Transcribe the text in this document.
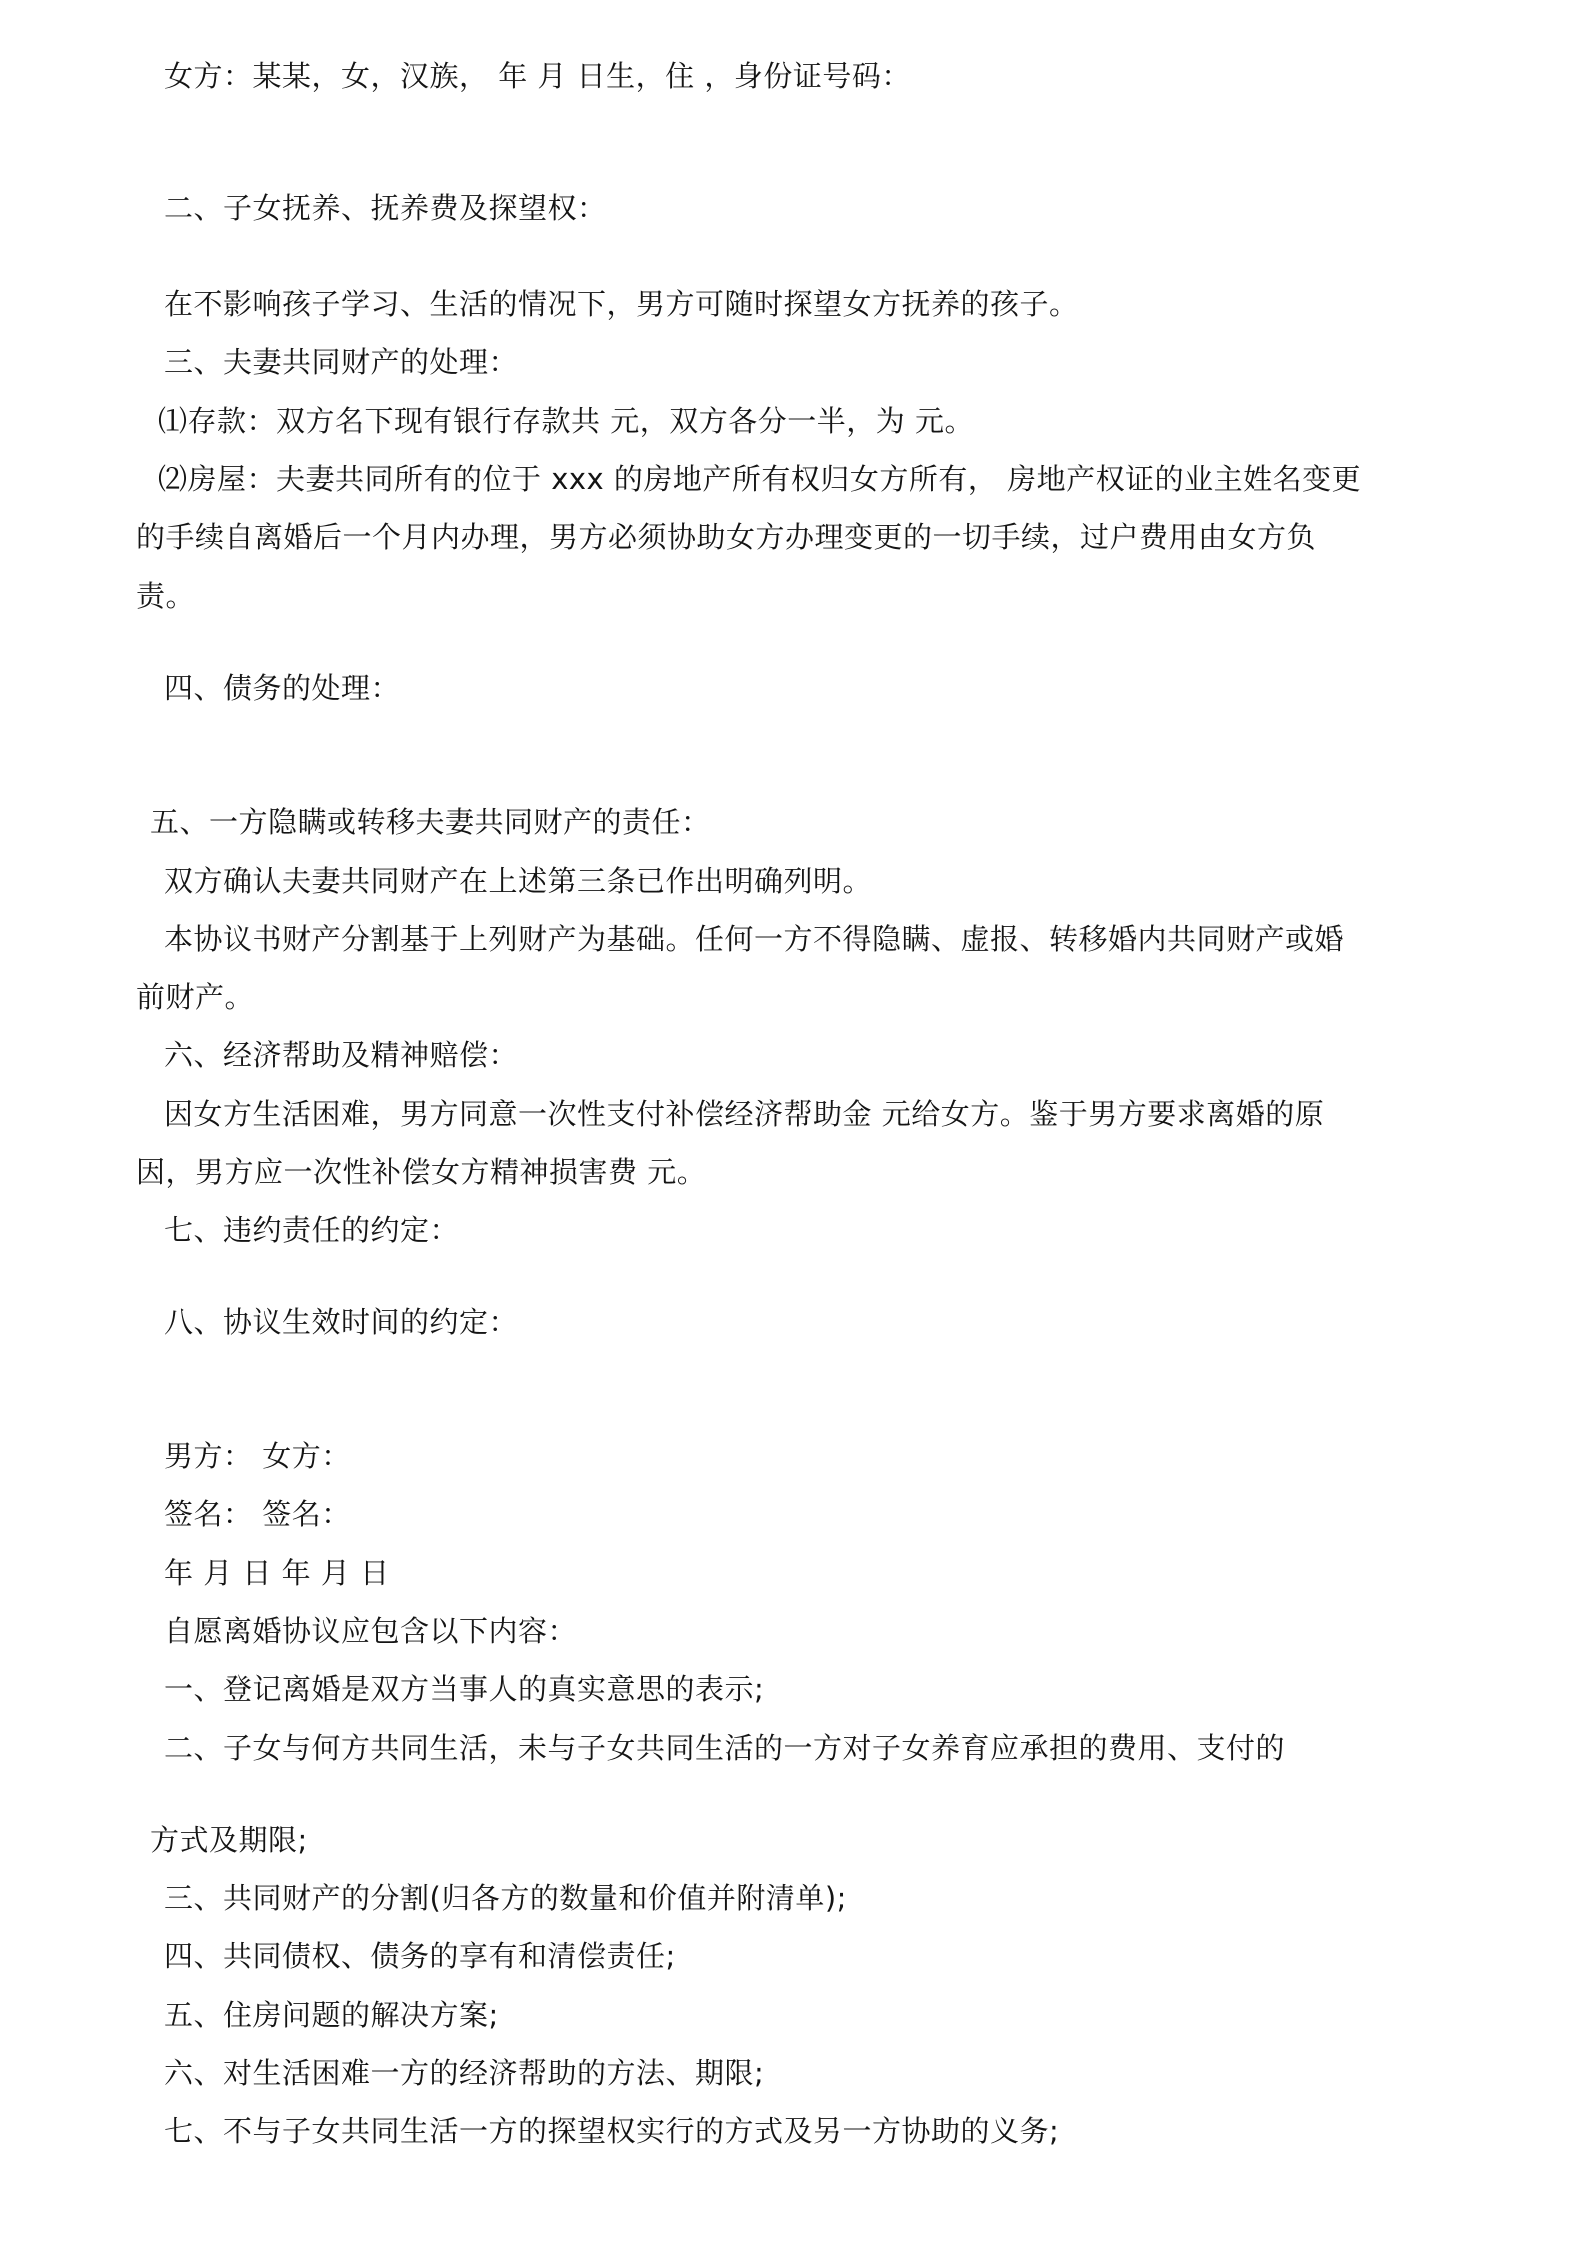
女方：某某，女，汉族， 年 月 日生，住 ，身份证号码：
二、子女抚养、抚养费及探望权：
在不影响孩子学习、生活的情况下，男方可随时探望女方抚养的孩子。
三、夫妻共同财产的处理：
⑴存款：双方名下现有银行存款共 元，双方各分一半，为 元。
⑵房屋：夫妻共同所有的位于 xxx 的房地产所有权归女方所有， 房地产权证的业主姓名变更
的手续自离婚后一个月内办理，男方必须协助女方办理变更的一切手续，过户费用由女方负
责。
四、债务的处理：
五、一方隐瞒或转移夫妻共同财产的责任：
双方确认夫妻共同财产在上述第三条已作出明确列明。
本协议书财产分割基于上列财产为基础。任何一方不得隐瞒、虚报、转移婚内共同财产或婚
前财产。
六、经济帮助及精神赔偿：
因女方生活困难，男方同意一次性支付补偿经济帮助金 元给女方。鉴于男方要求离婚的原
因，男方应一次性补偿女方精神损害费 元。
七、违约责任的约定：
八、协议生效时间的约定：
男方： 女方：
签名： 签名：
年 月 日 年 月 日
自愿离婚协议应包含以下内容：
一、登记离婚是双方当事人的真实意思的表示;
二、子女与何方共同生活，未与子女共同生活的一方对子女养育应承担的费用、支付的
方式及期限;
三、共同财产的分割(归各方的数量和价值并附清单);
四、共同债权、债务的享有和清偿责任;
五、住房问题的解决方案;
六、对生活困难一方的经济帮助的方法、期限;
七、不与子女共同生活一方的探望权实行的方式及另一方协助的义务;
